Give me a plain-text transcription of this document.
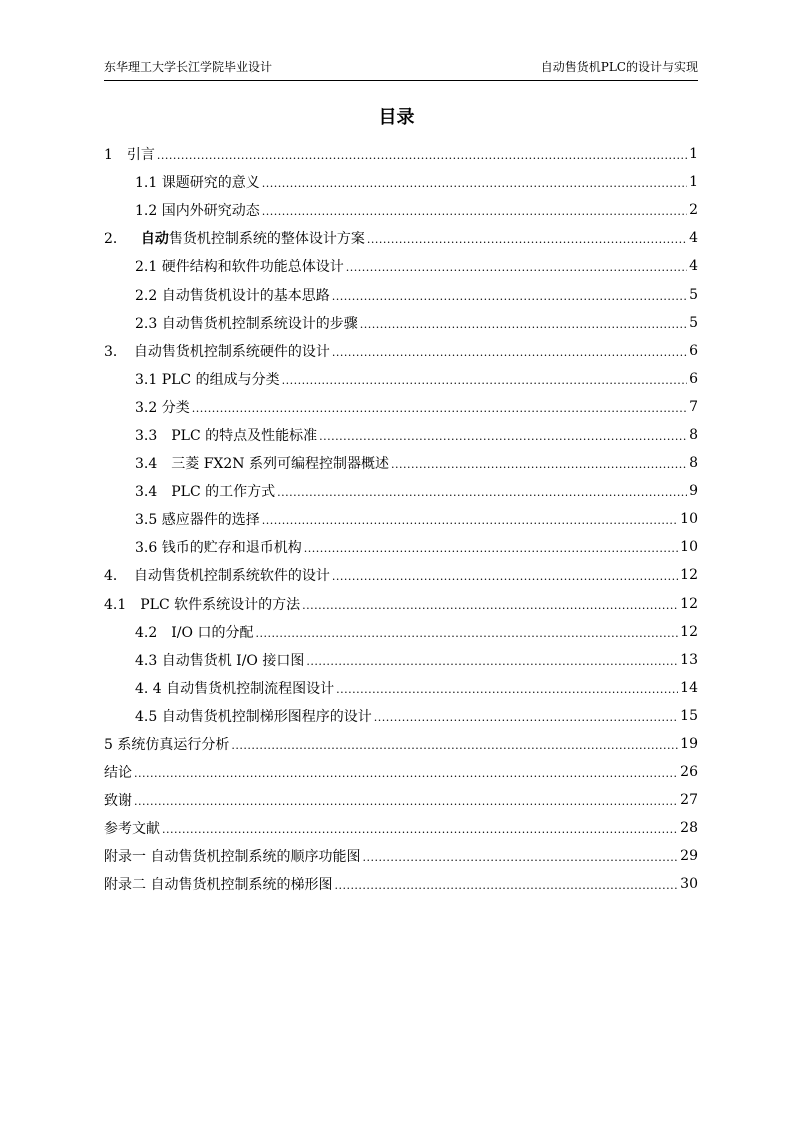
东华理工大学长江学院毕业设计	自动售货机PLC的设计与实现
目录
1　引言 .....	1
1.1 课题研究的意义 .....	1
1.2 国内外研究动态 .....	2
2． 自动售货机控制系统的整体设计方案 .....	4
2.1 硬件结构和软件功能总体设计 .....	4
2.2 自动售货机设计的基本思路 .....	5
2.3 自动售货机控制系统设计的步骤 .....	5
3．　自动售货机控制系统硬件的设计 .....	6
3.1 PLC 的组成与分类 .....	6
3.2 分类 .....	7
3.3　PLC 的特点及性能标准 .....	8
3.4　三菱 FX2N 系列可编程控制器概述 .....	8
3.4　PLC 的工作方式 .....	9
3.5 感应器件的选择 .....	10
3.6 钱币的贮存和退币机构 .....	10
4．　自动售货机控制系统软件的设计 .....	12
4.1　PLC 软件系统设计的方法 .....	12
4.2　I/O 口的分配 .....	12
4.3 自动售货机 I/O 接口图 .....	13
4. 4 自动售货机控制流程图设计 .....	14
4.5 自动售货机控制梯形图程序的设计 .....	15
5 系统仿真运行分析 .....	19
结论 .....	26
致谢 .....	27
参考文献 .....	28
附录一 自动售货机控制系统的顺序功能图 .....	29
附录二 自动售货机控制系统的梯形图 .....	30
